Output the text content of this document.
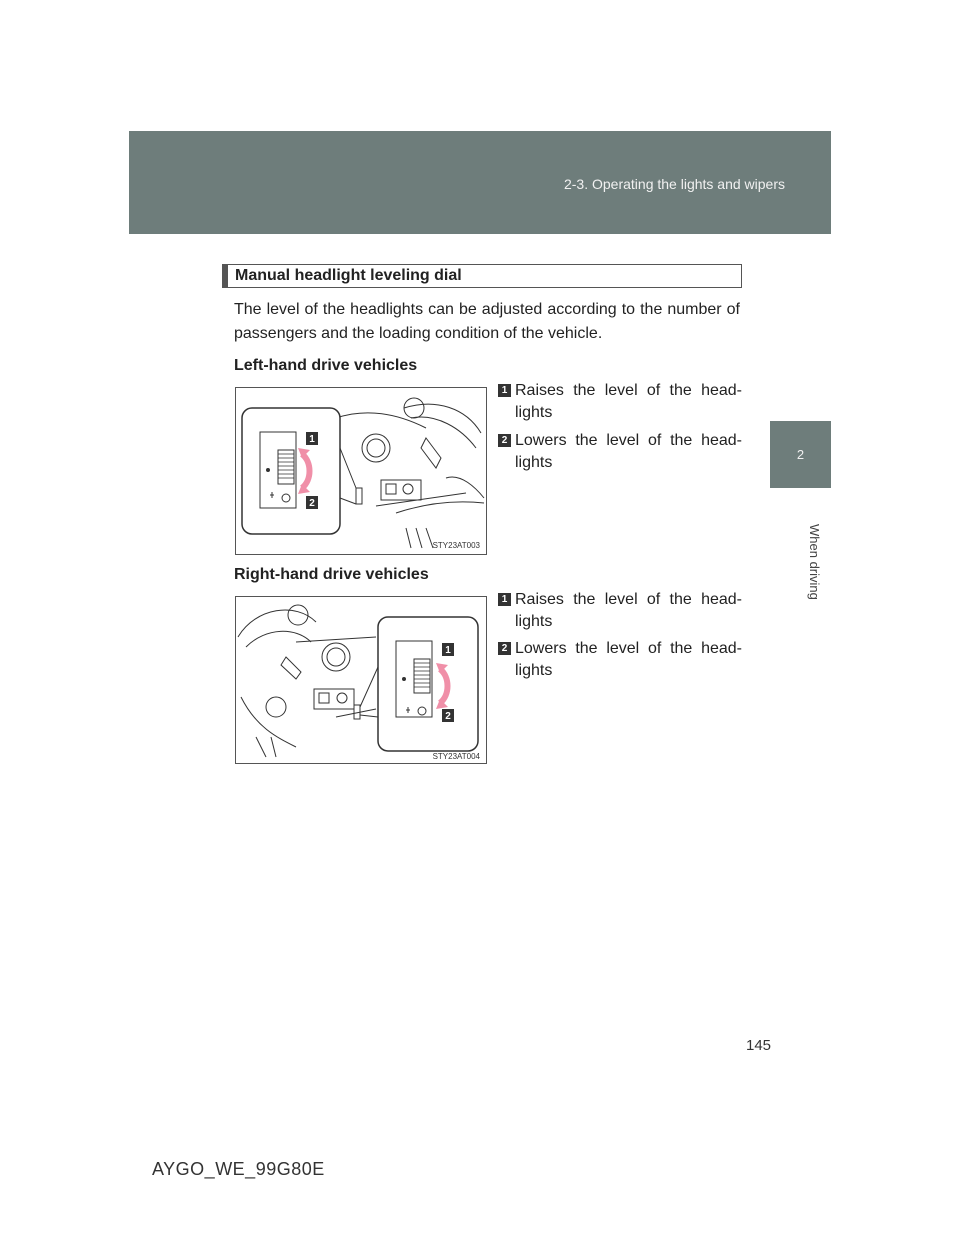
2-3. Operating the lights and wipers
2
When driving
Manual headlight leveling dial
The level of the headlights can be adjusted according to the number of passengers and the loading condition of the vehicle.
Left-hand drive vehicles
1
2
STY23AT003
1 Raises the level of the head-lights
2 Lowers the level of the head-lights
Right-hand drive vehicles
1
2
STY23AT004
1 Raises the level of the head-lights
2 Lowers the level of the head-lights
145
AYGO_WE_99G80E
